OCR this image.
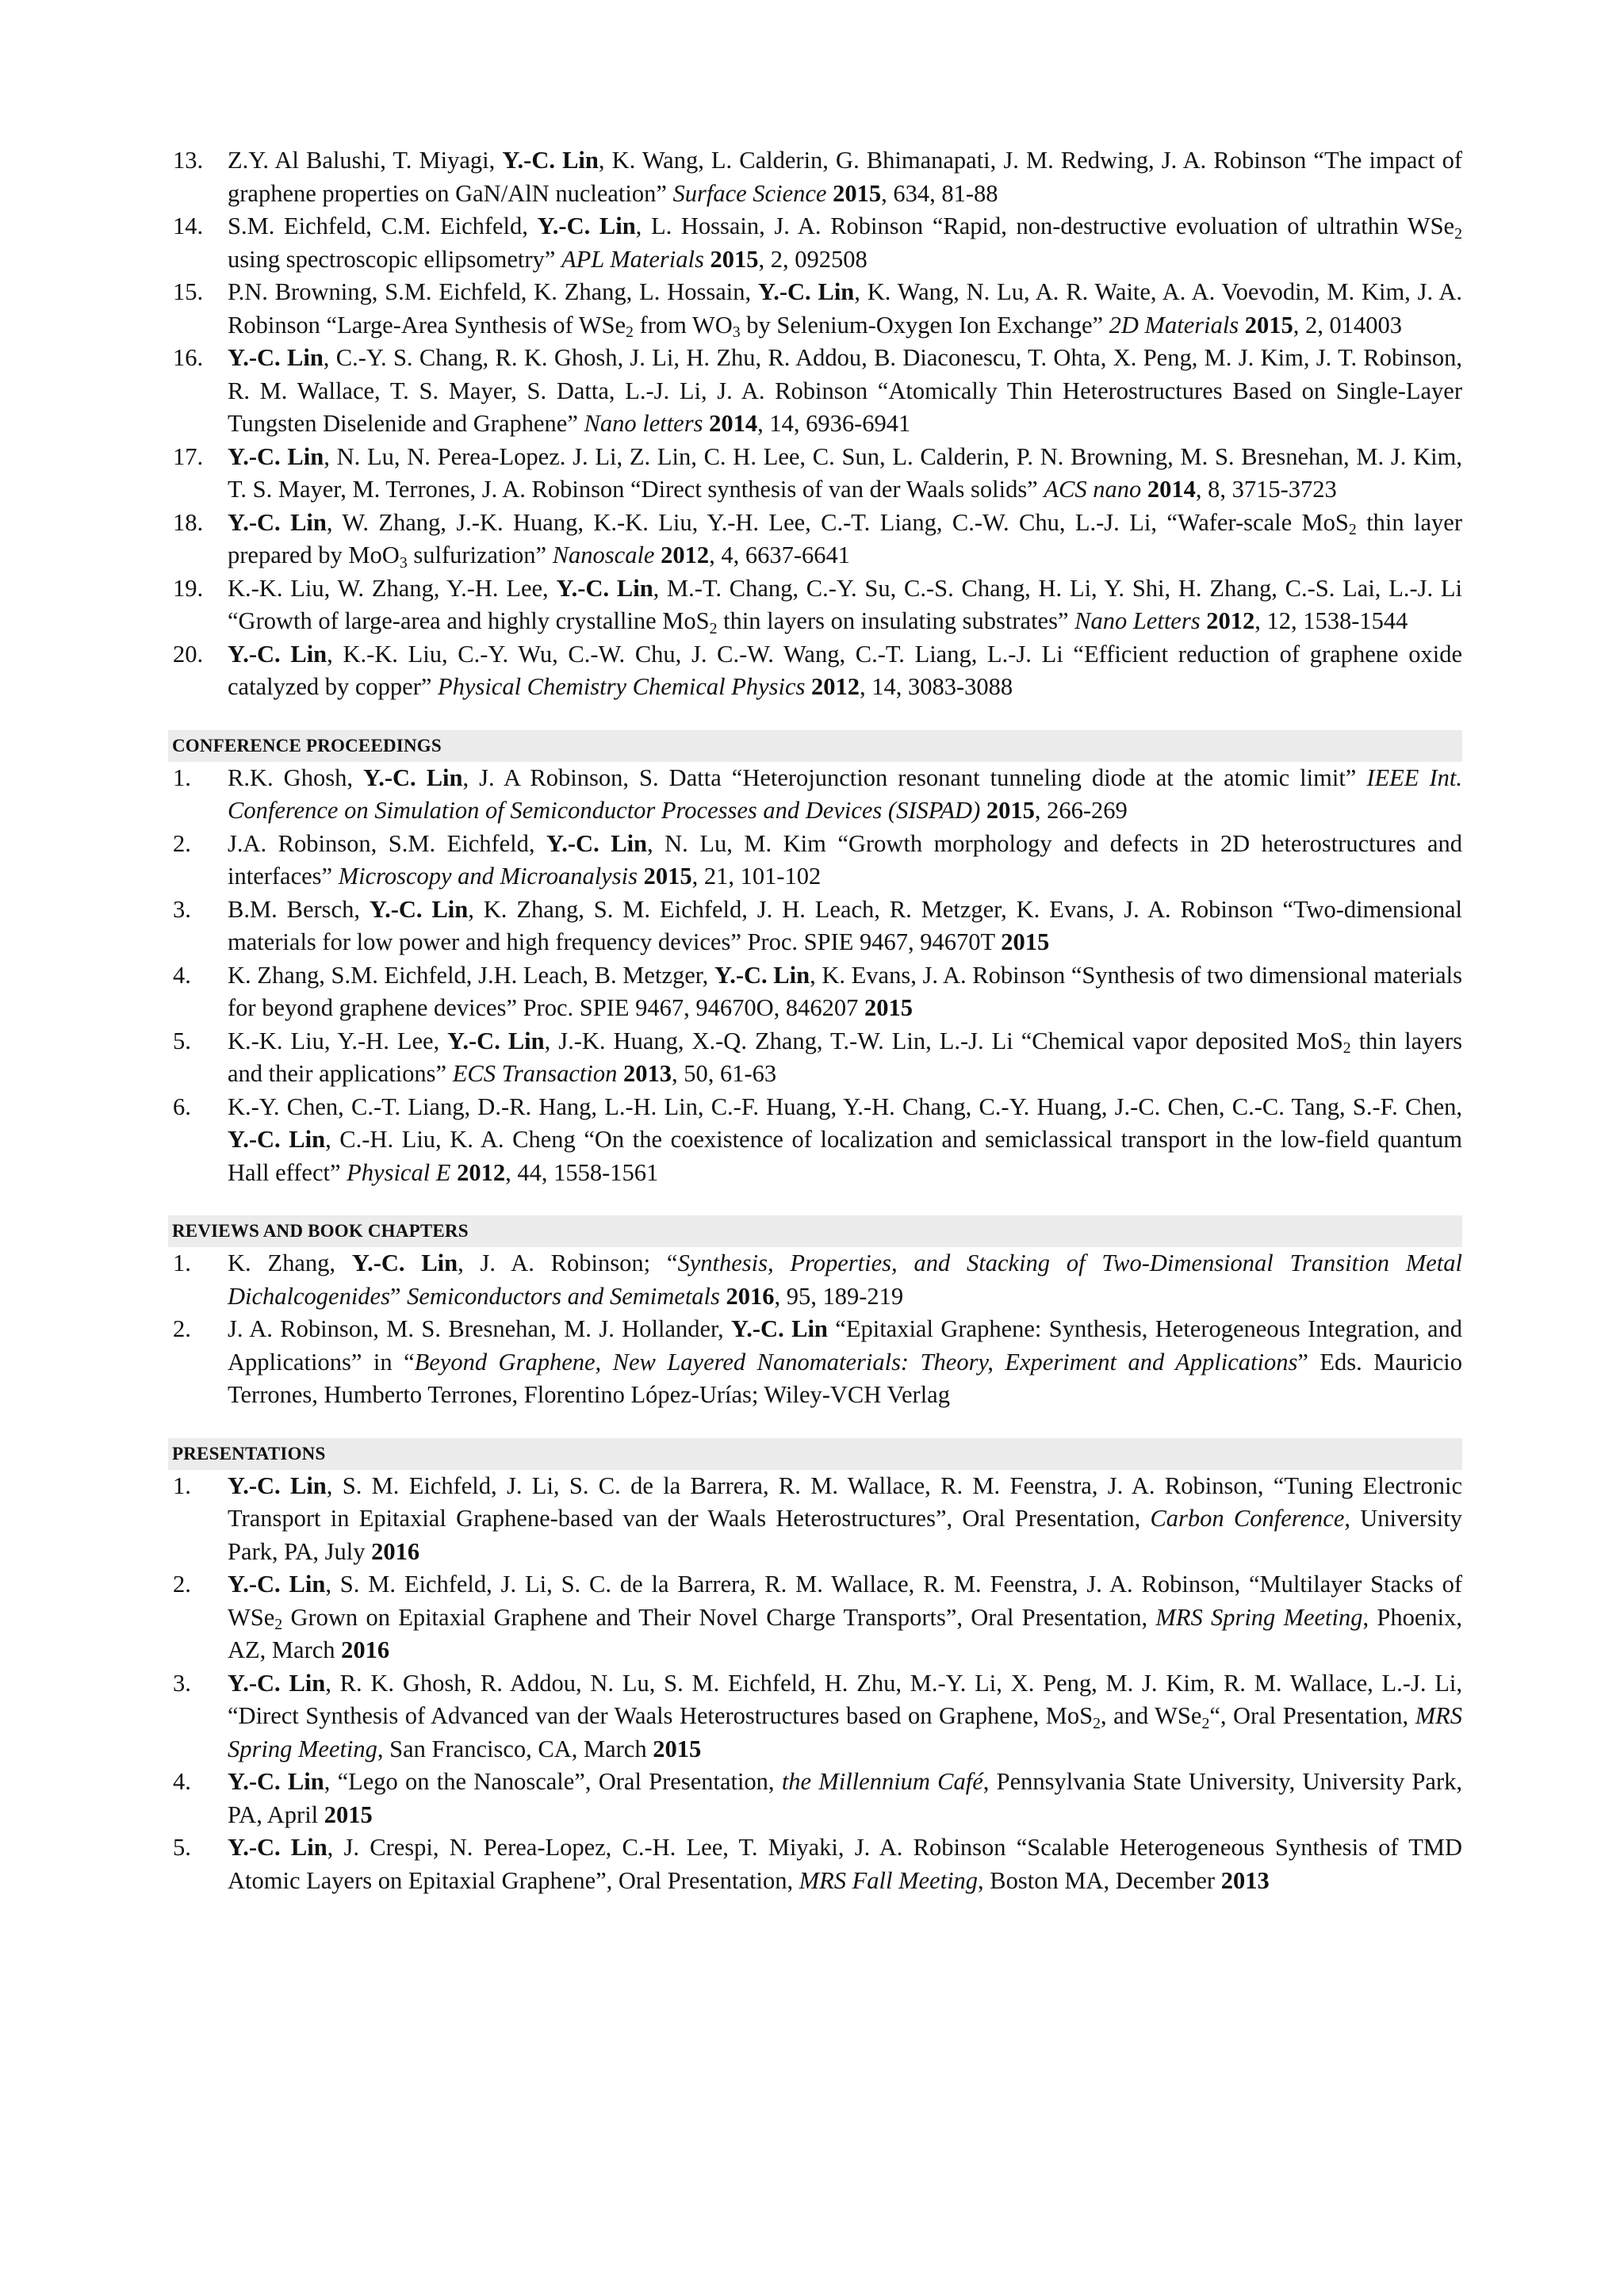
13. Z.Y. Al Balushi, T. Miyagi, Y.-C. Lin, K. Wang, L. Calderin, G. Bhimanapati, J. M. Redwing, J. A. Robinson “The impact of graphene properties on GaN/AlN nucleation” Surface Science 2015, 634, 81-88
14. S.M. Eichfeld, C.M. Eichfeld, Y.-C. Lin, L. Hossain, J. A. Robinson “Rapid, non-destructive evoluation of ultrathin WSe$_2$ using spectroscopic ellipsometry” APL Materials 2015, 2, 092508
15. P.N. Browning, S.M. Eichfeld, K. Zhang, L. Hossain, Y.-C. Lin, K. Wang, N. Lu, A. R. Waite, A. A. Voevodin, M. Kim, J. A. Robinson “Large-Area Synthesis of WSe$_2$ from $WO_3$ by Selenium-Oxygen Ion Exchange” 2D Materials 2015, 2, 014003
16. Y.-C. Lin, C.-Y. S. Chang, R. K. Ghosh, J. Li, H. Zhu, R. Addou, B. Diaconescu, T. Ohta, X. Peng, M. J. Kim, J. T. Robinson, R. M. Wallace, T. S. Mayer, S. Datta, L.-J. Li, J. A. Robinson “Atomically Thin Heterostructures Based on Single-Layer Tungsten Diselenide and Graphene” Nano letters 2014, 14, 6936-6941
17. Y.-C. Lin, N. Lu, N. Perea-Lopez. J. Li, Z. Lin, C. H. Lee, C. Sun, L. Calderin, P. N. Browning, M. S. Bresnehan, M. J. Kim, T. S. Mayer, M. Terrones, J. A. Robinson “Direct synthesis of van der Waals solids” ACS nano 2014, 8, 3715-3723
18. Y.-C. Lin, W. Zhang, J.-K. Huang, K.-K. Liu, Y.-H. Lee, C.-T. Liang, C.-W. Chu, L.-J. Li, “Wafer-scale MoS$_2$ thin layer prepared by MoO$_3$ sulfurization” Nanoscale 2012, 4, 6637-6641
19. K.-K. Liu, W. Zhang, Y.-H. Lee, Y.-C. Lin, M.-T. Chang, C.-Y. Su, C.-S. Chang, H. Li, Y. Shi, H. Zhang, C.-S. Lai, L.-J. Li “Growth of large-area and highly crystalline MoS$_2$ thin layers on insulating substrates” Nano Letters 2012, 12, 1538-1544
20. Y.-C. Lin, K.-K. Liu, C.-Y. Wu, C.-W. Chu, J. C.-W. Wang, C.-T. Liang, L.-J. Li “Efficient reduction of graphene oxide catalyzed by copper” Physical Chemistry Chemical Physics 2012, 14, 3083-3088
CONFERENCE PROCEEDINGS
1. R.K. Ghosh, Y.-C. Lin, J. A Robinson, S. Datta “Heterojunction resonant tunneling diode at the atomic limit” IEEE Int. Conference on Simulation of Semiconductor Processes and Devices (SISPAD) 2015, 266-269
2. J.A. Robinson, S.M. Eichfeld, Y.-C. Lin, N. Lu, M. Kim “Growth morphology and defects in 2D heterostructures and interfaces” Microscopy and Microanalysis 2015, 21, 101-102
3. B.M. Bersch, Y.-C. Lin, K. Zhang, S. M. Eichfeld, J. H. Leach, R. Metzger, K. Evans, J. A. Robinson “Two-dimensional materials for low power and high frequency devices” Proc. SPIE 9467, 94670T 2015
4. K. Zhang, S.M. Eichfeld, J.H. Leach, B. Metzger, Y.-C. Lin, K. Evans, J. A. Robinson “Synthesis of two dimensional materials for beyond graphene devices” Proc. SPIE 9467, 94670O, 846207 2015
5. K.-K. Liu, Y.-H. Lee, Y.-C. Lin, J.-K. Huang, X.-Q. Zhang, T.-W. Lin, L.-J. Li “Chemical vapor deposited MoS$_2$ thin layers and their applications” ECS Transaction 2013, 50, 61-63
6. K.-Y. Chen, C.-T. Liang, D.-R. Hang, L.-H. Lin, C.-F. Huang, Y.-H. Chang, C.-Y. Huang, J.-C. Chen, C.-C. Tang, S.-F. Chen, Y.-C. Lin, C.-H. Liu, K. A. Cheng “On the coexistence of localization and semiclassical transport in the low-field quantum Hall effect” Physical E 2012, 44, 1558-1561
REVIEWS AND BOOK CHAPTERS
1. K. Zhang, Y.-C. Lin, J. A. Robinson; “Synthesis, Properties, and Stacking of Two-Dimensional Transition Metal Dichalcogenides” Semiconductors and Semimetals 2016, 95, 189-219
2. J. A. Robinson, M. S. Bresnehan, M. J. Hollander, Y.-C. Lin “Epitaxial Graphene: Synthesis, Heterogeneous Integration, and Applications” in “Beyond Graphene, New Layered Nanomaterials: Theory, Experiment and Applications” Eds. Mauricio Terrones, Humberto Terrones, Florentino López-Urías; Wiley-VCH Verlag
PRESENTATIONS
1. Y.-C. Lin, S. M. Eichfeld, J. Li, S. C. de la Barrera, R. M. Wallace, R. M. Feenstra, J. A. Robinson, “Tuning Electronic Transport in Epitaxial Graphene-based van der Waals Heterostructures”, Oral Presentation, Carbon Conference, University Park, PA, July 2016
2. Y.-C. Lin, S. M. Eichfeld, J. Li, S. C. de la Barrera, R. M. Wallace, R. M. Feenstra, J. A. Robinson, “Multilayer Stacks of WSe$_2$ Grown on Epitaxial Graphene and Their Novel Charge Transports”, Oral Presentation, MRS Spring Meeting, Phoenix, AZ, March 2016
3. Y.-C. Lin, R. K. Ghosh, R. Addou, N. Lu, S. M. Eichfeld, H. Zhu, M.-Y. Li, X. Peng, M. J. Kim, R. M. Wallace, L.-J. Li, “Direct Synthesis of Advanced van der Waals Heterostructures based on Graphene, MoS$_2$, and WSe$_2$“, Oral Presentation, MRS Spring Meeting, San Francisco, CA, March 2015
4. Y.-C. Lin, “Lego on the Nanoscale”, Oral Presentation, the Millennium Café, Pennsylvania State University, University Park, PA, April 2015
5. Y.-C. Lin, J. Crespi, N. Perea-Lopez, C.-H. Lee, T. Miyaki, J. A. Robinson “Scalable Heterogeneous Synthesis of TMD Atomic Layers on Epitaxial Graphene”, Oral Presentation, MRS Fall Meeting, Boston MA, December 2013
